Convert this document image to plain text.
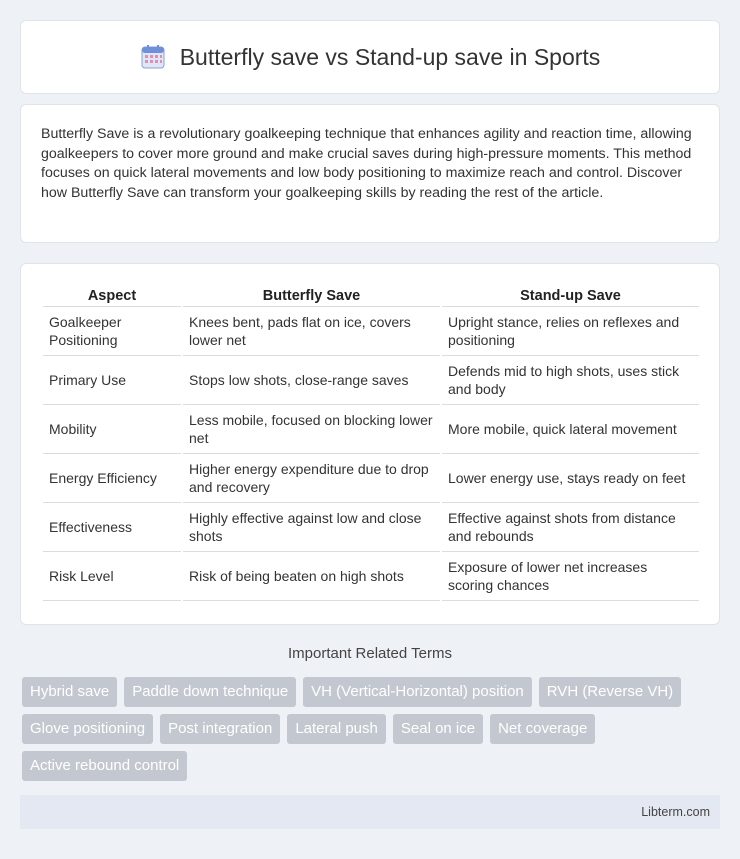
Butterfly save vs Stand-up save in Sports

Butterfly Save is a revolutionary goalkeeping technique that enhances agility and reaction time, allowing goalkeepers to cover more ground and make crucial saves during high-pressure moments. This method focuses on quick lateral movements and low body positioning to maximize reach and control. Discover how Butterfly Save can transform your goalkeeping skills by reading the rest of the article.

Aspect	Butterfly Save	Stand-up Save
Goalkeeper Positioning	Knees bent, pads flat on ice, covers lower net	Upright stance, relies on reflexes and positioning
Primary Use	Stops low shots, close-range saves	Defends mid to high shots, uses stick and body
Mobility	Less mobile, focused on blocking lower net	More mobile, quick lateral movement
Energy Efficiency	Higher energy expenditure due to drop and recovery	Lower energy use, stays ready on feet
Effectiveness	Highly effective against low and close shots	Effective against shots from distance and rebounds
Risk Level	Risk of being beaten on high shots	Exposure of lower net increases scoring chances
Important Related Terms
Hybrid save	Paddle down technique	VH (Vertical-Horizontal) position	RVH (Reverse VH)
Glove positioning	Post integration	Lateral push	Seal on ice	Net coverage
Active rebound control
Libterm.com
